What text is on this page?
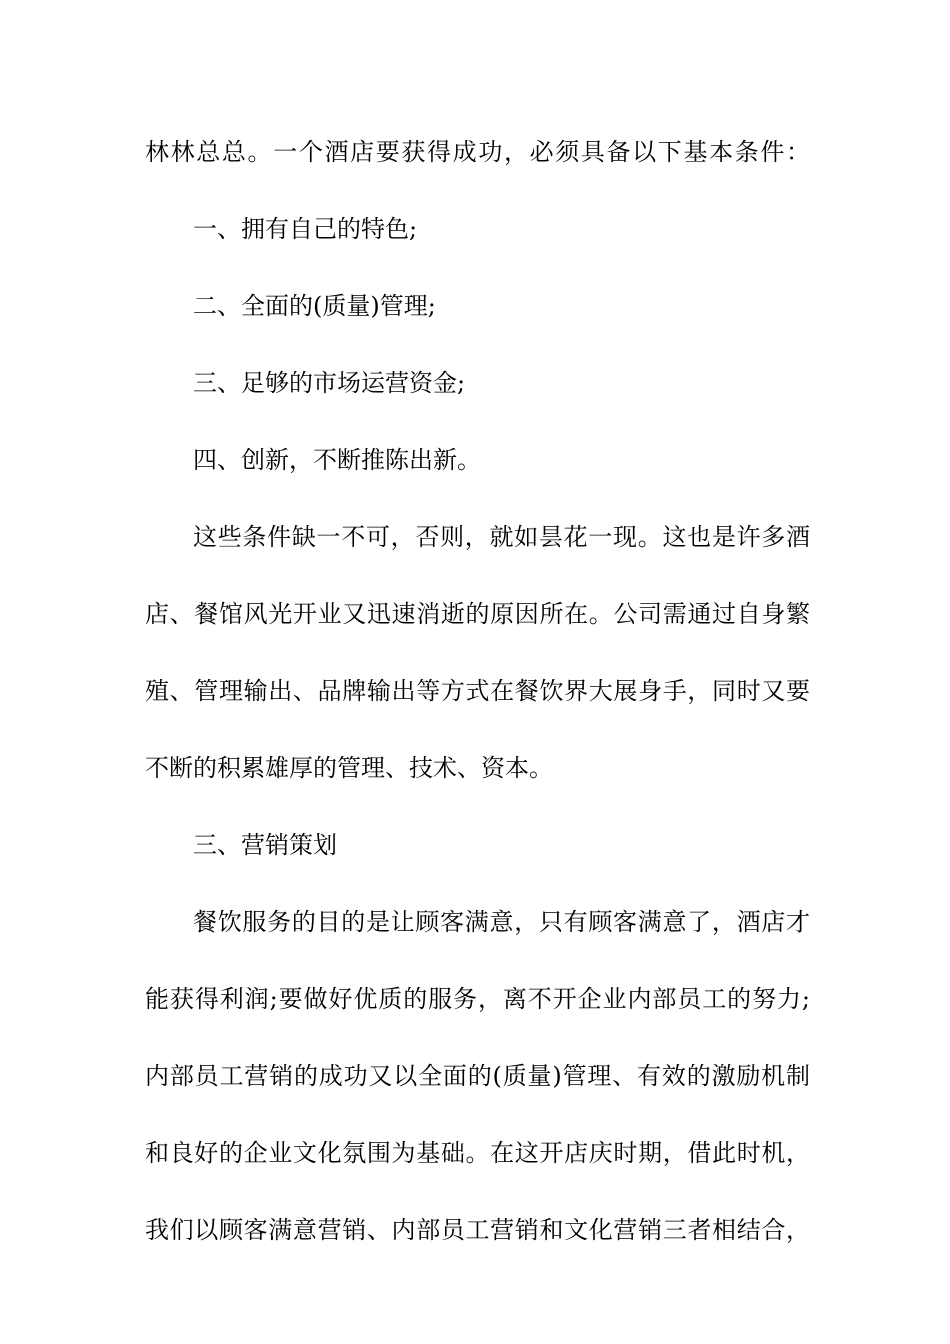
林林总总。一个酒店要获得成功，必须具备以下基本条件：
一、拥有自己的特色;
二、全面的(质量)管理;
三、足够的市场运营资金;
四、创新，不断推陈出新。
这些条件缺一不可，否则，就如昙花一现。这也是许多酒
店、餐馆风光开业又迅速消逝的原因所在。公司需通过自身繁
殖、管理输出、品牌输出等方式在餐饮界大展身手，同时又要
不断的积累雄厚的管理、技术、资本。
三、营销策划
餐饮服务的目的是让顾客满意，只有顾客满意了，酒店才
能获得利润;要做好优质的服务，离不开企业内部员工的努力;
内部员工营销的成功又以全面的(质量)管理、有效的激励机制
和良好的企业文化氛围为基础。在这开店庆时期，借此时机，
我们以顾客满意营销、内部员工营销和文化营销三者相结合，
